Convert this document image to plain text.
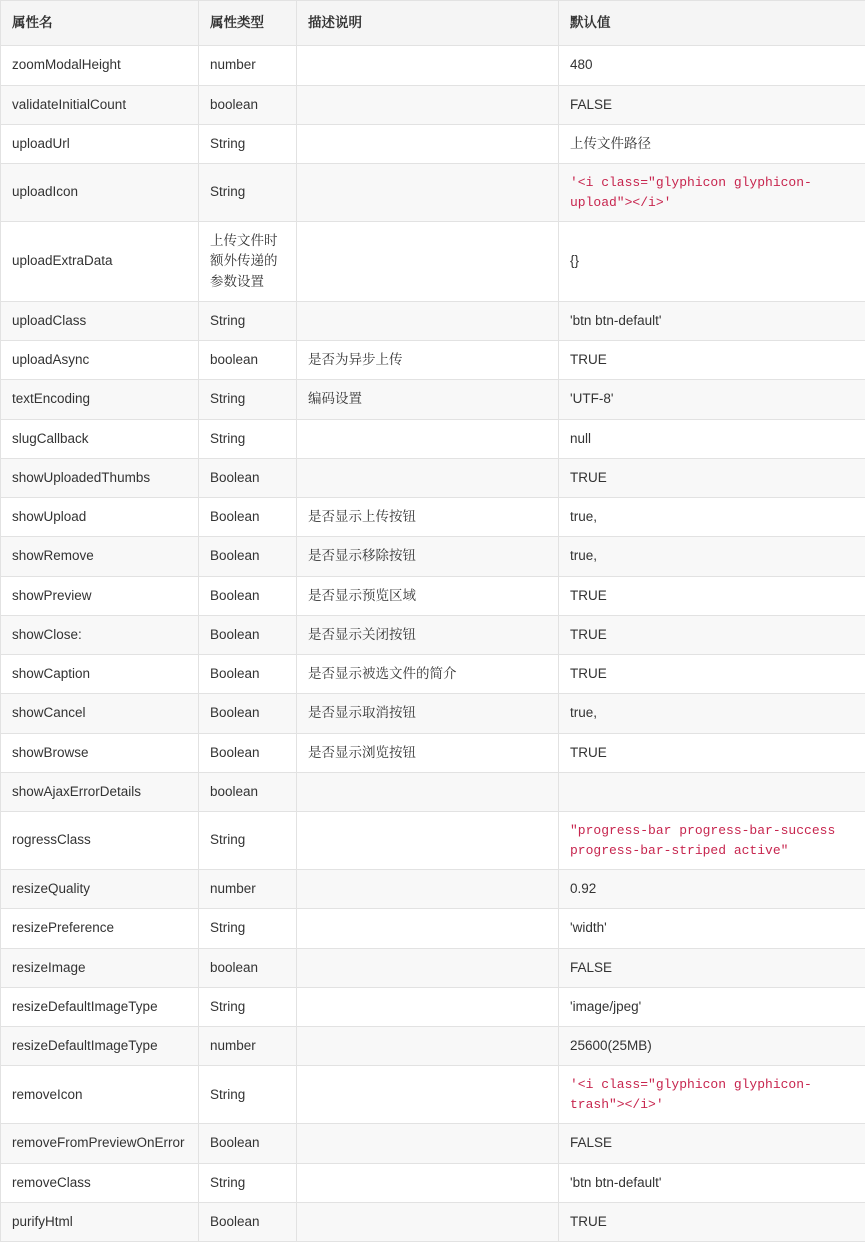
属性名	属性类型	描述说明	默认值
zoomModalHeight	number		480
validateInitialCount	boolean		FALSE
uploadUrl	String		上传文件路径
uploadIcon	String		'<i class="glyphicon glyphicon-upload"></i>'
uploadExtraData	上传文件时额外传递的参数设置		{}
uploadClass	String		'btn btn-default'
uploadAsync	boolean	是否为异步上传	TRUE
textEncoding	String	编码设置	'UTF-8'
slugCallback	String		null
showUploadedThumbs	Boolean		TRUE
showUpload	Boolean	是否显示上传按钮	true,
showRemove	Boolean	是否显示移除按钮	true,
showPreview	Boolean	是否显示预览区域	TRUE
showClose:	Boolean	是否显示关闭按钮	TRUE
showCaption	Boolean	是否显示被选文件的简介	TRUE
showCancel	Boolean	是否显示取消按钮	true,
showBrowse	Boolean	是否显示浏览按钮	TRUE
showAjaxErrorDetails	boolean		
rogressClass	String		"progress-bar progress-bar-success progress-bar-striped active"
resizeQuality	number		0.92
resizePreference	String		'width'
resizeImage	boolean		FALSE
resizeDefaultImageType	String		'image/jpeg'
resizeDefaultImageType	number		25600(25MB)
removeIcon	String		'<i class="glyphicon glyphicon-trash"></i>'
removeFromPreviewOnError	Boolean		FALSE
removeClass	String		'btn btn-default'
purifyHtml	Boolean		TRUE
